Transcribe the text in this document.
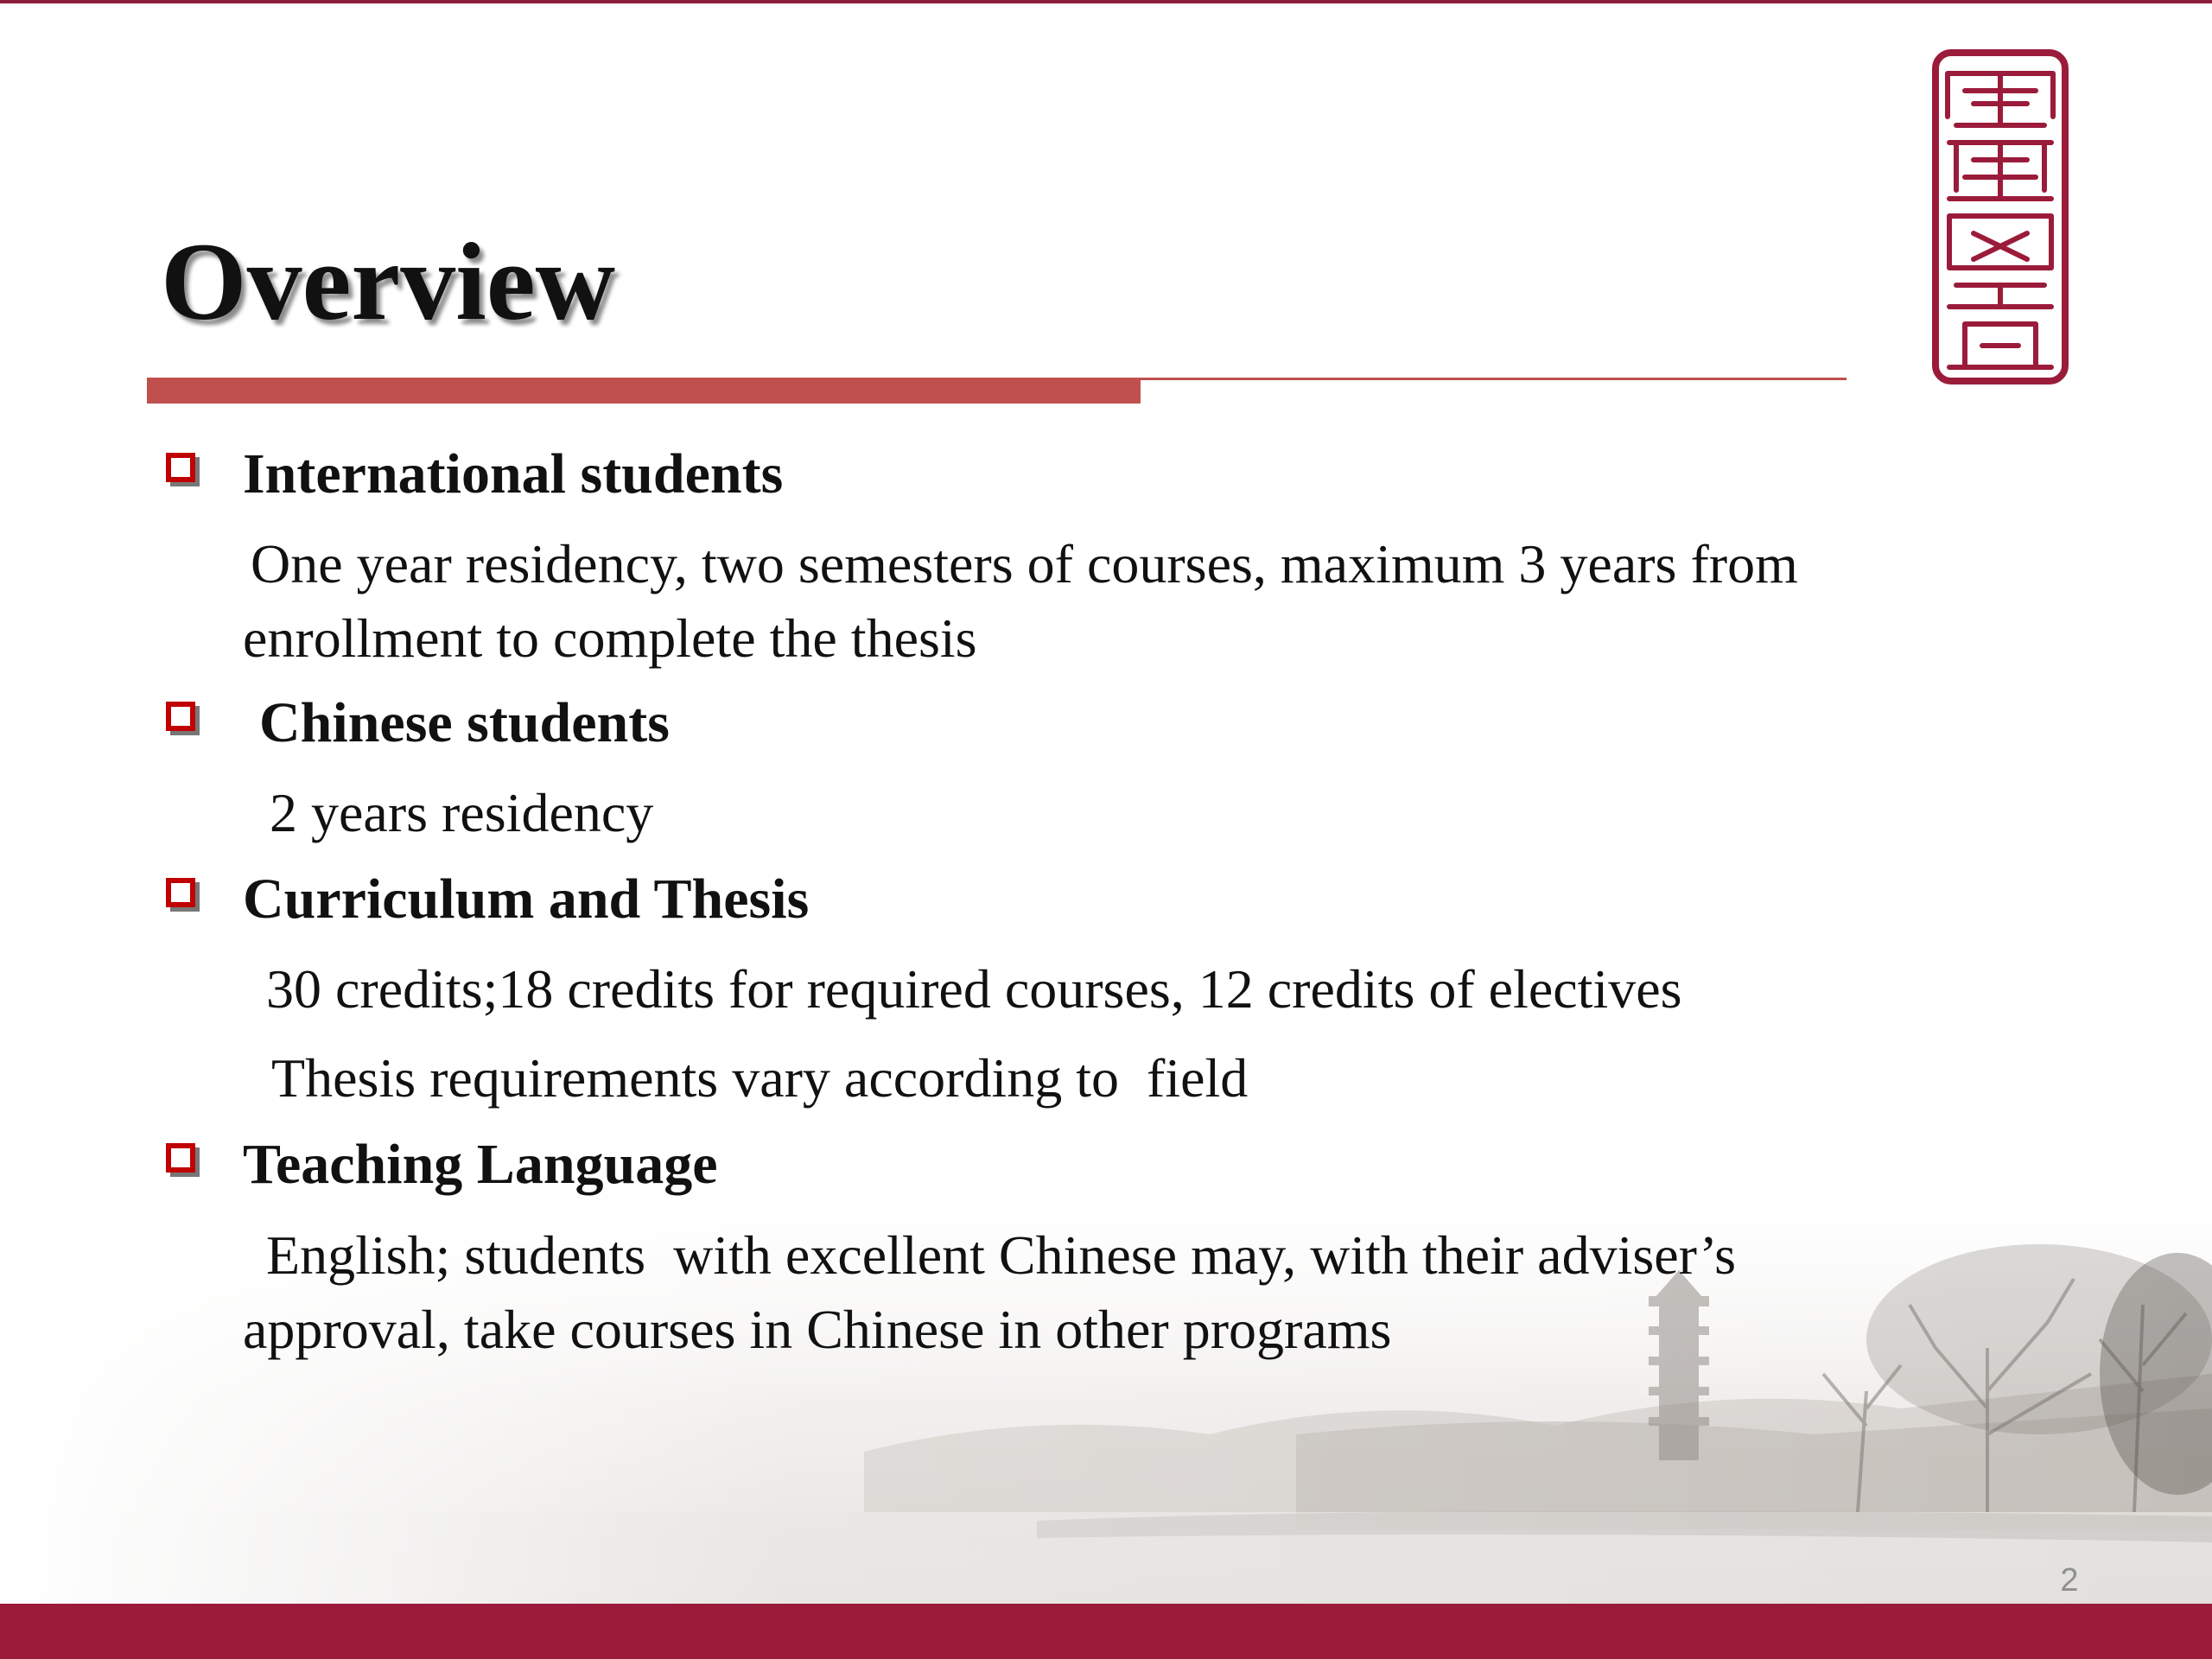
Overview
International students
One year residency, two semesters of courses, maximum 3 years from
enrollment to complete the thesis
Chinese students
2 years residency
Curriculum and Thesis
30 credits;18 credits for required courses, 12 credits of electives
Thesis requirements vary according to  field
Teaching Language
English; students  with excellent Chinese may, with their adviser’s
approval, take courses in Chinese in other programs
2
